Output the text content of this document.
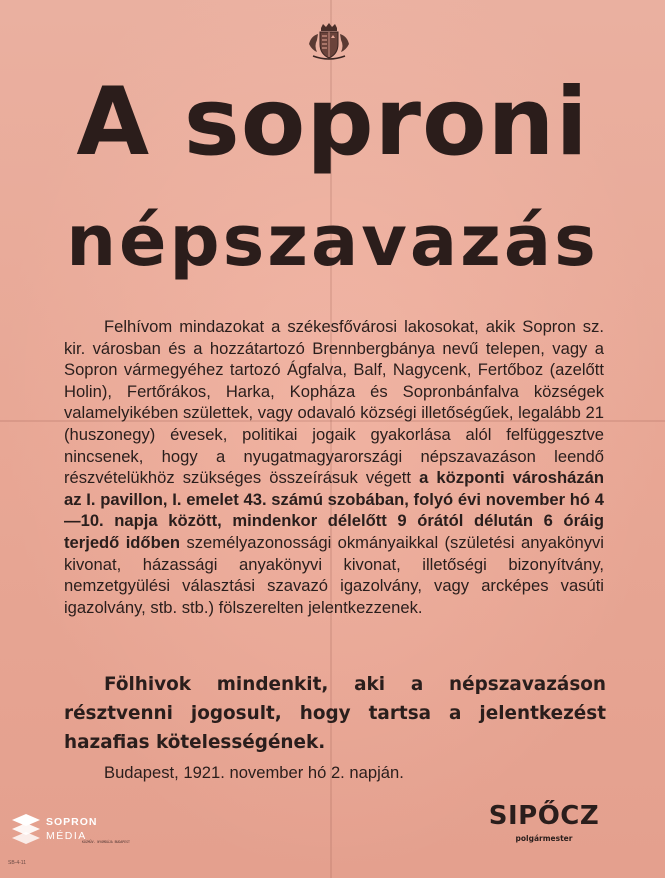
A soproni
népszavazás

Felhívom mindazokat a székesfővárosi lakosokat, akik Sopron sz. kir. városban és a hozzátartozó Brennbergbánya nevű telepen, vagy a Sopron vármegyéhez tartozó Ágfalva, Balf, Nagycenk, Fertőboz (azelőtt Holin), Fertőrákos, Harka, Kopháza és Sopronbánfalva községek valamelyikében születtek, vagy odavaló községi illetőségűek, legalább 21 (huszonegy) évesek, politikai jogaik gyakorlása alól felfüggesztve nincsenek, hogy a nyugatmagyarországi népszavazáson leendő részvételükhöz szükséges összeírásuk végett a központi városházán az I. pavillon, I. emelet 43. számú szobában, folyó évi november hó 4—10. napja között, mindenkor délelőtt 9 órától délután 6 óráig terjedő időben személyazonossági okmányaikkal (születési anyakönyvi kivonat, házassági anyakönyvi kivonat, illetőségi bizonyítvány, nemzetgyülési választási szavazó igazolvány, vagy arcképes vasúti igazolvány, stb. stb.) fölszerelten jelentkezzenek.

Fölhivok mindenkit, aki a népszavazáson résztvenni jogosult, hogy tartsa a jelentkezést hazafias kötelességének.

Budapest, 1921. november hó 2. napján.
SIPŐCZ
polgármester
KÖZMŰV. NYOMDÁJA BUDAPEST
SB-4-11
SOPRON
MÉDIA
